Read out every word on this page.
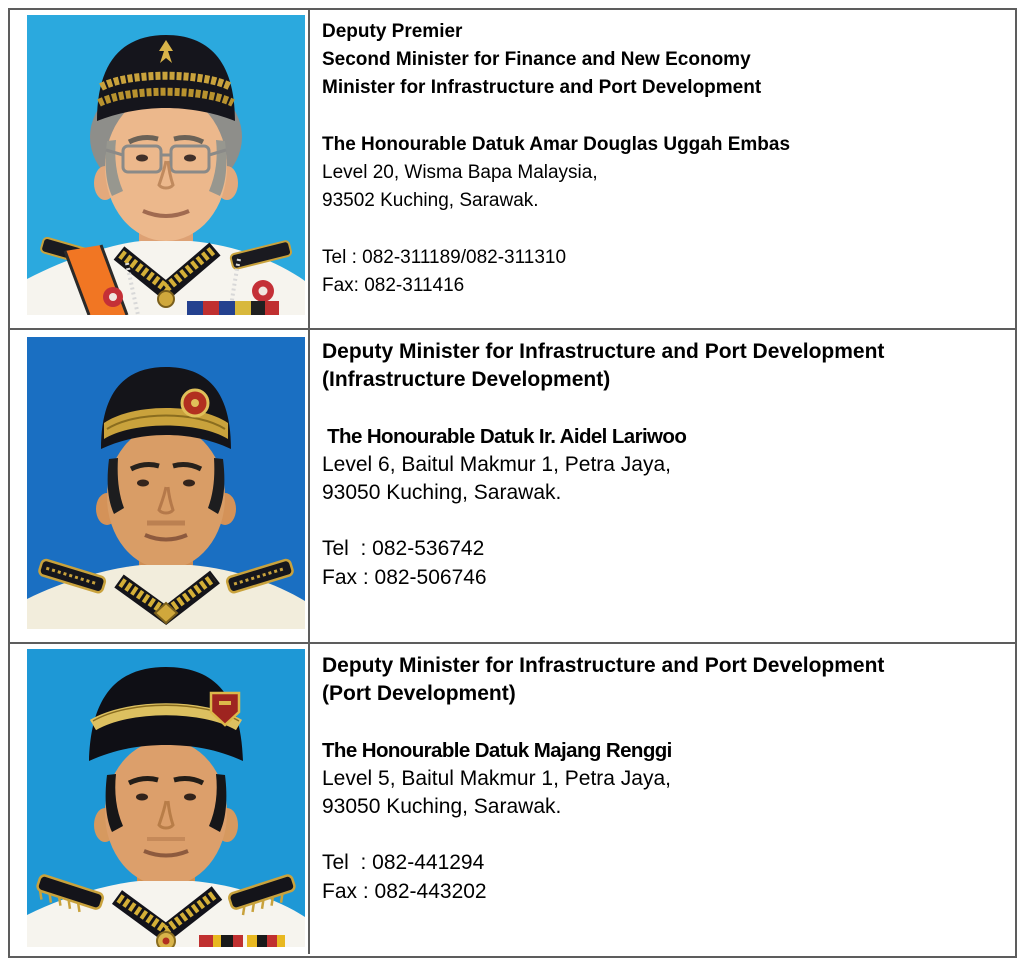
Deputy Premier
Second Minister for Finance and New Economy
Minister for Infrastructure and Port Development
The Honourable Datuk Amar Douglas Uggah Embas
Level 20, Wisma Bapa Malaysia,
93502 Kuching, Sarawak.
Tel : 082-311189/082-311310
Fax: 082-311416
Deputy Minister for Infrastructure and Port Development
(Infrastructure Development)
The Honourable Datuk Ir. Aidel Lariwoo
Level 6, Baitul Makmur 1, Petra Jaya,
93050 Kuching, Sarawak.
Tel  : 082-536742
Fax : 082-506746
Deputy Minister for Infrastructure and Port Development
(Port Development)
The Honourable Datuk Majang Renggi
Level 5, Baitul Makmur 1, Petra Jaya,
93050 Kuching, Sarawak.
Tel  : 082-441294
Fax : 082-443202
